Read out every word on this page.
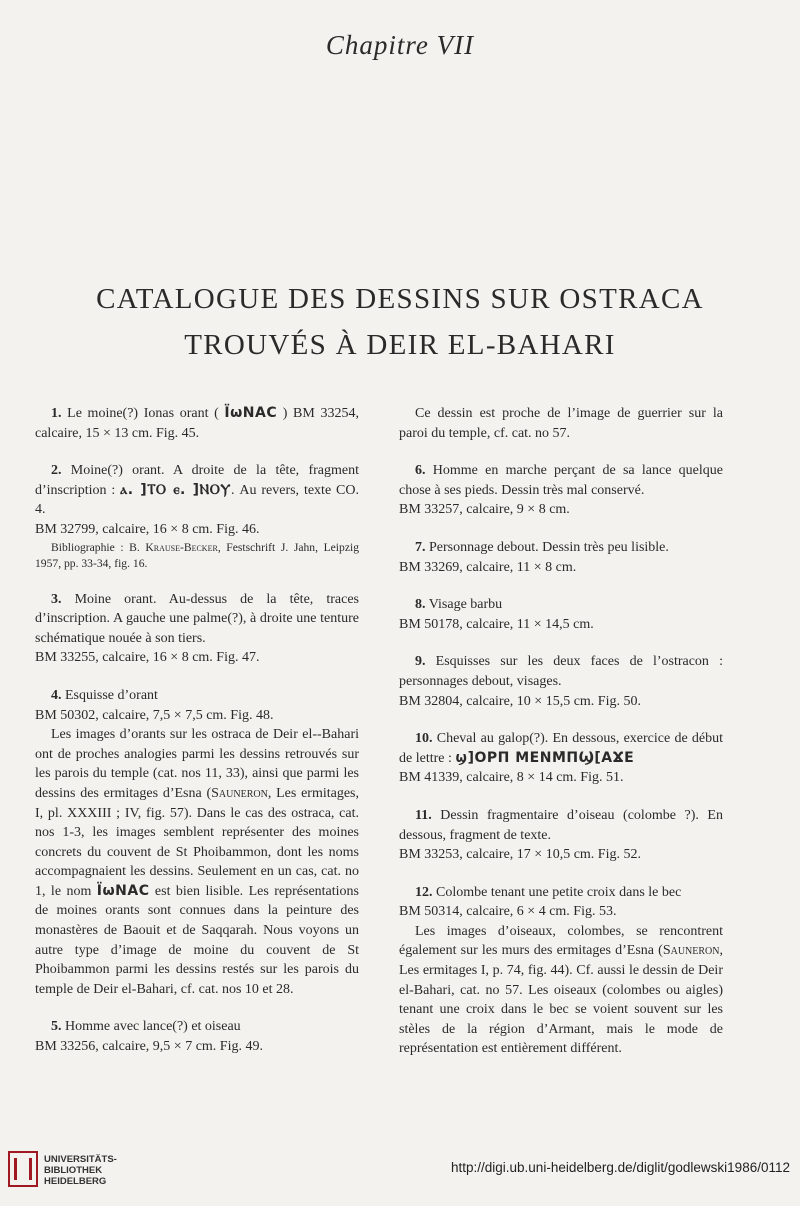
Chapitre VII
CATALOGUE DES DESSINS SUR OSTRACA
TROUVÉS À DEIR EL-BAHARI

1. Le moine(?) Ionas orant ( ΪωΝΑC ) BM 33254, calcaire, 15 × 13 cm. Fig. 45.

2. Moine(?) orant. A droite de la tête, fragment d’inscription : ⲁ. ]ⲦⲞ ⲉ. ]ⲚⲞⲨ. Au revers, texte CO. 4.

BM 32799, calcaire, 16 × 8 cm. Fig. 46.

Bibliographie : B. Krause-Becker, Festschrift J. Jahn, Leipzig 1957, pp. 33-34, fig. 16.

3. Moine orant. Au-dessus de la tête, traces d’inscription. A gauche une palme(?), à droite une tenture schématique nouée à son tiers.

BM 33255, calcaire, 16 × 8 cm. Fig. 47.

4. Esquisse d’orant

BM 50302, calcaire, 7,5 × 7,5 cm. Fig. 48.

Les images d’orants sur les ostraca de Deir el--Bahari ont de proches analogies parmi les dessins retrouvés sur les parois du temple (cat. nos 11, 33), ainsi que parmi les dessins des ermitages d’Esna (Sauneron, Les ermitages, I, pl. XXXIII ; IV, fig. 57). Dans le cas des ostraca, cat. nos 1-3, les images semblent représenter des moines concrets du couvent de St Phoibammon, dont les noms accompagnaient les dessins. Seulement en un cas, cat. no 1, le nom ΪωΝΑC est bien lisible. Les représentations de moines orants sont connues dans la peinture des monastères de Baouit et de Saqqarah. Nous voyons un autre type d’image de moine du couvent de St Phoibammon parmi les dessins restés sur les parois du temple de Deir el-Bahari, cf. cat. nos 10 et 28.

5. Homme avec lance(?) et oiseau

BM 33256, calcaire, 9,5 × 7 cm. Fig. 49.

Ce dessin est proche de l’image de guerrier sur la paroi du temple, cf. cat. no 57.

6. Homme en marche perçant de sa lance quelque chose à ses pieds. Dessin très mal conservé.

BM 33257, calcaire, 9 × 8 cm.

7. Personnage debout. Dessin très peu lisible.

BM 33269, calcaire, 11 × 8 cm.

8. Visage barbu

BM 50178, calcaire, 11 × 14,5 cm.

9. Esquisses sur les deux faces de l’ostracon : personnages debout, visages.

BM 32804, calcaire, 10 × 15,5 cm. Fig. 50.

10. Cheval au galop(?). En dessous, exercice de début de lettre : ϣ]ΟΡΠ ΜΕΝΜ̄ΠϢ[ΑϪΕ

BM 41339, calcaire, 8 × 14 cm. Fig. 51.

11. Dessin fragmentaire d’oiseau (colombe ?). En dessous, fragment de texte.

BM 33253, calcaire, 17 × 10,5 cm. Fig. 52.

12. Colombe tenant une petite croix dans le bec

BM 50314, calcaire, 6 × 4 cm. Fig. 53.

Les images d’oiseaux, colombes, se rencontrent également sur les murs des ermitages d’Esna (Sauneron, Les ermitages I, p. 74, fig. 44). Cf. aussi le dessin de Deir el-Bahari, cat. no 57. Les oiseaux (colombes ou aigles) tenant une croix dans le bec se voient souvent sur les stèles de la région d’Armant, mais le mode de représentation est entièrement différent.

UNIVERSITÄTS-
BIBLIOTHEK
HEIDELBERG
http://digi.ub.uni-heidelberg.de/diglit/godlewski1986/0112
